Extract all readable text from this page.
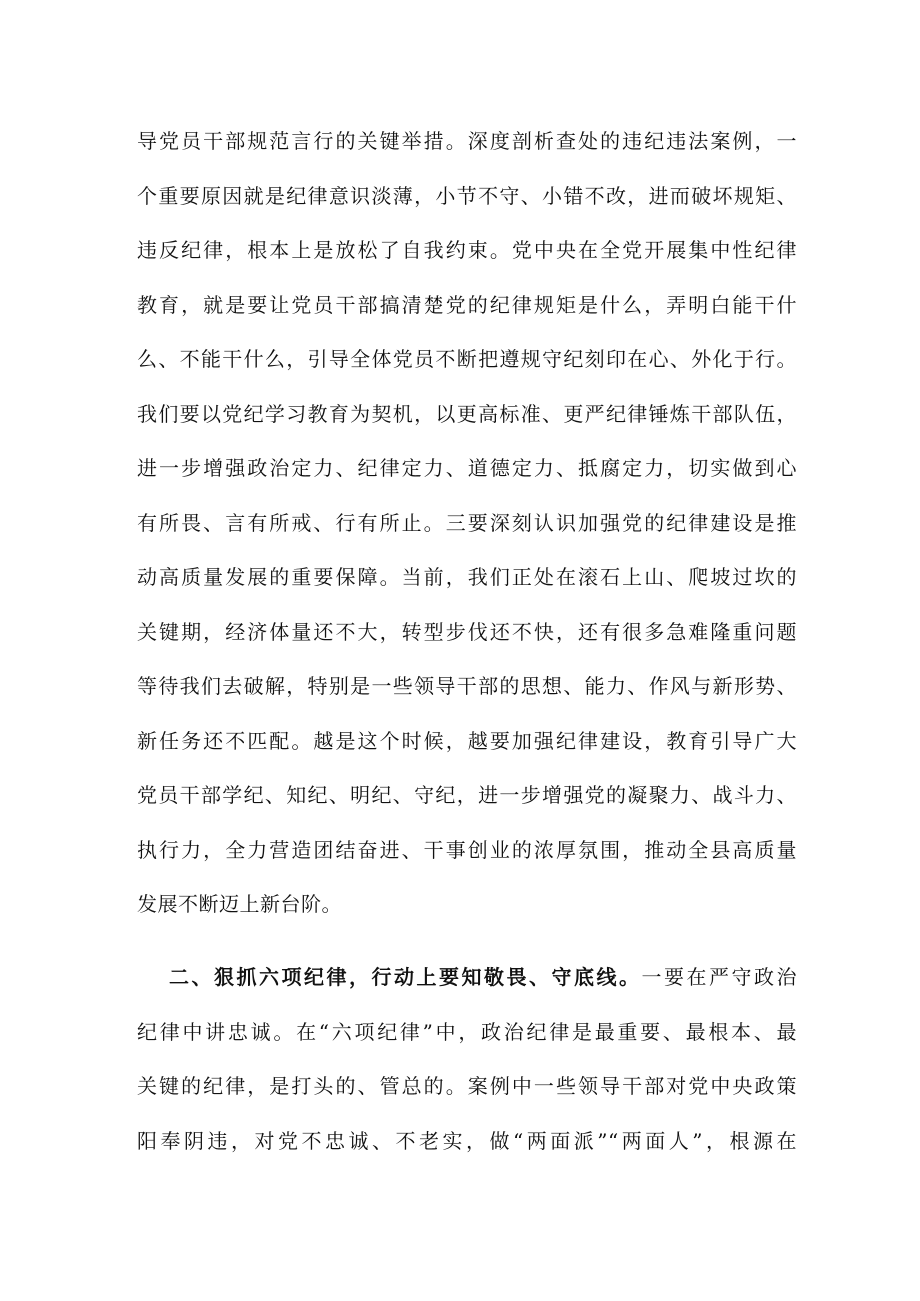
导党员干部规范言行的关键举措。深度剖析查处的违纪违法案例，一
个重要原因就是纪律意识淡薄，小节不守、小错不改，进而破坏规矩、
违反纪律，根本上是放松了自我约束。党中央在全党开展集中性纪律
教育，就是要让党员干部搞清楚党的纪律规矩是什么，弄明白能干什
么、不能干什么，引导全体党员不断把遵规守纪刻印在心、外化于行。
我们要以党纪学习教育为契机，以更高标准、更严纪律锤炼干部队伍，
进一步增强政治定力、纪律定力、道德定力、抵腐定力，切实做到心
有所畏、言有所戒、行有所止。三要深刻认识加强党的纪律建设是推
动高质量发展的重要保障。当前，我们正处在滚石上山、爬坡过坎的
关键期，经济体量还不大，转型步伐还不快，还有很多急难隆重问题
等待我们去破解，特别是一些领导干部的思想、能力、作风与新形势、
新任务还不匹配。越是这个时候，越要加强纪律建设，教育引导广大
党员干部学纪、知纪、明纪、守纪，进一步增强党的凝聚力、战斗力、
执行力，全力营造团结奋进、干事创业的浓厚氛围，推动全县高质量
发展不断迈上新台阶。
二、狠抓六项纪律，行动上要知敬畏、守底线。一要在严守政治
纪律中讲忠诚。在“六项纪律”中，政治纪律是最重要、最根本、最
关键的纪律，是打头的、管总的。案例中一些领导干部对党中央政策
阳奉阴违，对党不忠诚、不老实，做“两面派”“两面人”，根源在
